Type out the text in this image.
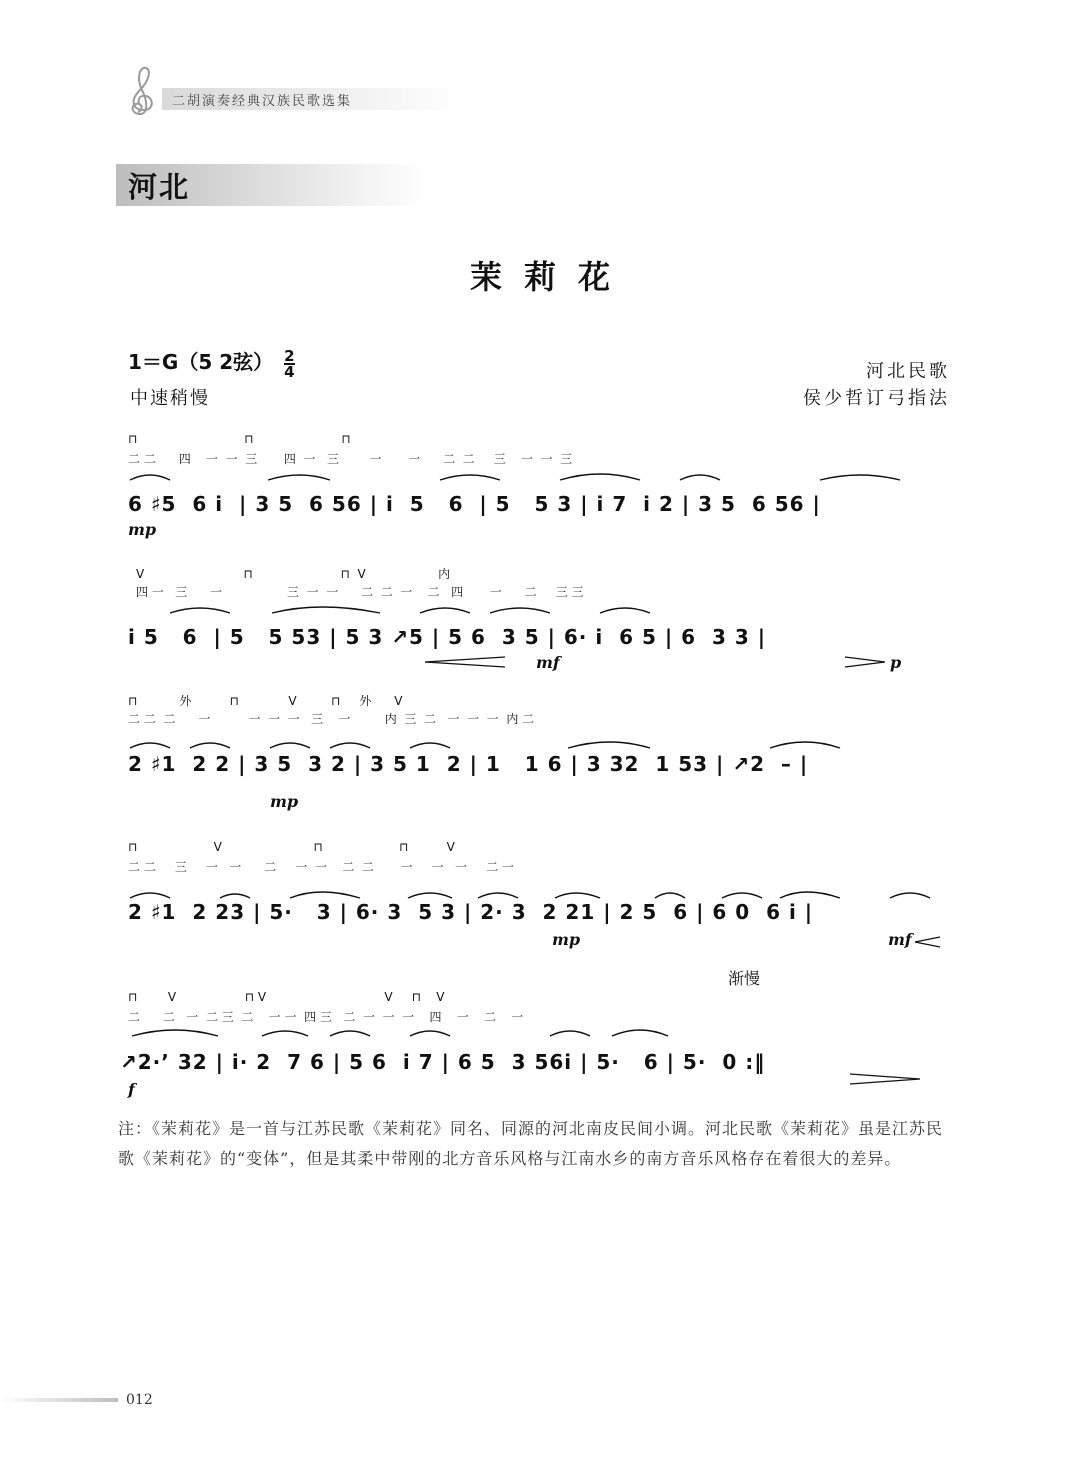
二胡演奏经典汉族民歌选集
河北
茉莉花
1＝G（5 2弦） $\frac{2}{4}$
中速稍慢
河北民歌
侯少哲订弓指法
⊓                            ⊓                       ⊓
二 二      四    一  一  三       四  一   三        一       一      二  二     三    一  一  三
6 ♯5  6 i  | 3 5  6 56 | i  5   6  | 5   5 3 | i 7  i 2 | 3 5  6 56 |
mp
V                          ⊓                       ⊓  V                   内
四 一   三      一                 三  一  一      二  二  一    二   四       一      二     三 三
i 5   6  | 5   5 53 | 5 3 ↗5 | 5 6  3 5 | 6· i  6 5 | 6  3 3 |
mf	p
⊓           外          ⊓             V         ⊓     外      V
二 二  二      一          一  一  一   三    一         内  三  二   一  一  一  内 二
2 ♯1  2 2 | 3 5  3 2 | 3 5 1  2 | 1   1 6 | 3 32  1 53 | ↗2  – |
mp
⊓                    V                        ⊓                    ⊓          V
二 二     三     一   一      二     一  一    二  二       一     一   一     二 一
2 ♯1  2 23 | 5·   3 | 6· 3  5 3 | 2· 3  2 21 | 2 5  6 | 6 0  6 i |
mp	mf
渐慢
⊓        V                  ⊓ V                               V     ⊓    V
二      二   一  二 三  二    一 一  四 三   二  一  一  一    四    一    二    一
↗2·’ 32 | i· 2  7 6 | 5 6  i 7 | 6 5  3 56i | 5·   6 | 5·  0 :‖
f
注：《茉莉花》是一首与江苏民歌《茉莉花》同名、同源的河北南皮民间小调。河北民歌《茉莉花》虽是江苏民歌《茉莉花》的“变体”，但是其柔中带刚的北方音乐风格与江南水乡的南方音乐风格存在着很大的差异。
012
